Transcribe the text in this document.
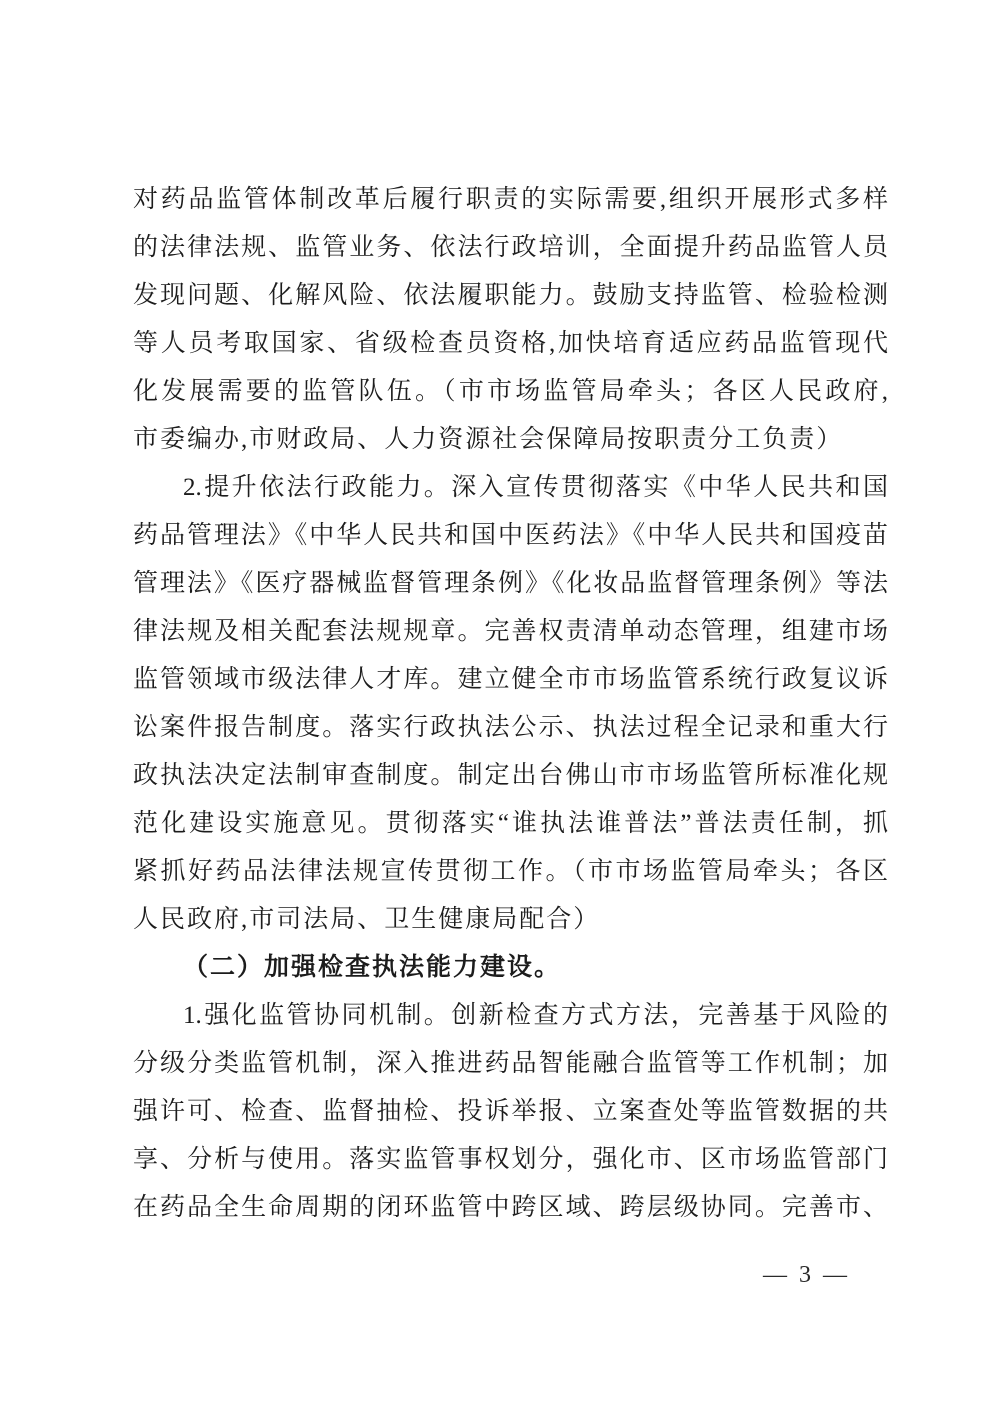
对药品监管体制改革后履行职责的实际需要,组织开展形式多样
的法律法规、监管业务、依法行政培训，全面提升药品监管人员
发现问题、化解风险、依法履职能力。鼓励支持监管、检验检测
等人员考取国家、省级检查员资格,加快培育适应药品监管现代
化发展需要的监管队伍。（市市场监管局牵头；各区人民政府,
市委编办,市财政局、人力资源社会保障局按职责分工负责）
2.提升依法行政能力。深入宣传贯彻落实《中华人民共和国
药品管理法》《中华人民共和国中医药法》《中华人民共和国疫苗
管理法》《医疗器械监督管理条例》《化妆品监督管理条例》等法
律法规及相关配套法规规章。完善权责清单动态管理，组建市场
监管领域市级法律人才库。建立健全市市场监管系统行政复议诉
讼案件报告制度。落实行政执法公示、执法过程全记录和重大行
政执法决定法制审查制度。制定出台佛山市市场监管所标准化规
范化建设实施意见。贯彻落实“谁执法谁普法”普法责任制，抓
紧抓好药品法律法规宣传贯彻工作。（市市场监管局牵头；各区
人民政府,市司法局、卫生健康局配合）
（二）加强检查执法能力建设。
1.强化监管协同机制。创新检查方式方法，完善基于风险的
分级分类监管机制，深入推进药品智能融合监管等工作机制；加
强许可、检查、监督抽检、投诉举报、立案查处等监管数据的共
享、分析与使用。落实监管事权划分，强化市、区市场监管部门
在药品全生命周期的闭环监管中跨区域、跨层级协同。完善市、
— 3 —
